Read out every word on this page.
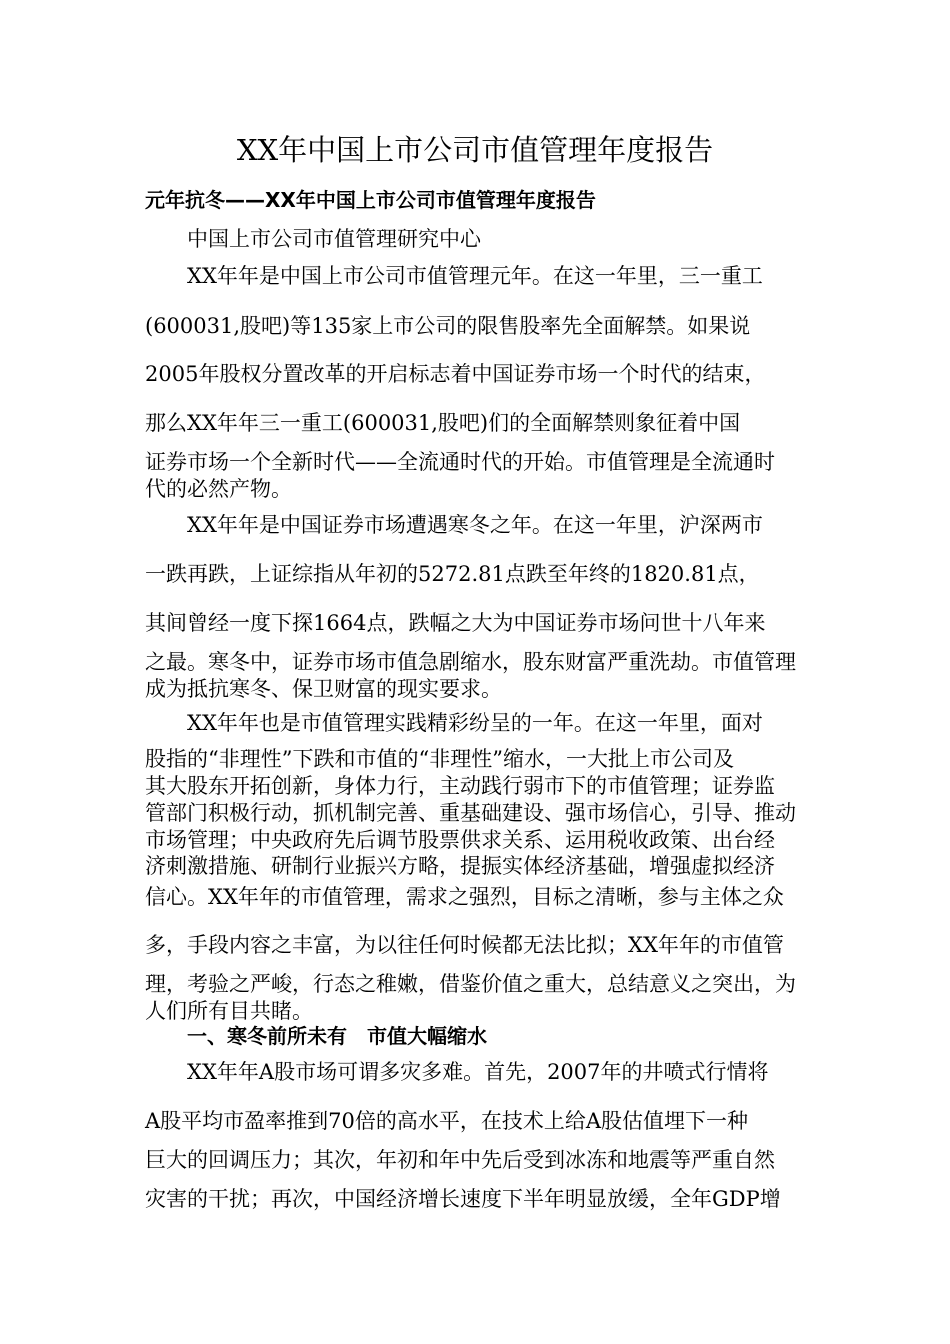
XX年中国上市公司市值管理年度报告
元年抗冬——XX年中国上市公司市值管理年度报告
中国上市公司市值管理研究中心
XX年年是中国上市公司市值管理元年。在这一年里，三一重工
(600031,股吧)等135家上市公司的限售股率先全面解禁。如果说
2005年股权分置改革的开启标志着中国证券市场一个时代的结束，
那么XX年年三一重工(600031,股吧)们的全面解禁则象征着中国
证券市场一个全新时代——全流通时代的开始。市值管理是全流通时
代的必然产物。
XX年年是中国证券市场遭遇寒冬之年。在这一年里，沪深两市
一跌再跌，上证综指从年初的5272.81点跌至年终的1820.81点，
其间曾经一度下探1664点，跌幅之大为中国证券市场问世十八年来
之最。寒冬中，证券市场市值急剧缩水，股东财富严重洗劫。市值管理
成为抵抗寒冬、保卫财富的现实要求。
XX年年也是市值管理实践精彩纷呈的一年。在这一年里，面对
股指的“非理性”下跌和市值的“非理性”缩水，一大批上市公司及
其大股东开拓创新，身体力行，主动践行弱市下的市值管理；证券监
管部门积极行动，抓机制完善、重基础建设、强市场信心，引导、推动
市场管理；中央政府先后调节股票供求关系、运用税收政策、出台经
济刺激措施、研制行业振兴方略，提振实体经济基础，增强虚拟经济
信心。XX年年的市值管理，需求之强烈，目标之清晰，参与主体之众
多，手段内容之丰富，为以往任何时候都无法比拟；XX年年的市值管
理，考验之严峻，行态之稚嫩，借鉴价值之重大，总结意义之突出，为
人们所有目共睹。
一、寒冬前所未有　市值大幅缩水
XX年年A股市场可谓多灾多难。首先，2007年的井喷式行情将
A股平均市盈率推到70倍的高水平，在技术上给A股估值埋下一种
巨大的回调压力；其次，年初和年中先后受到冰冻和地震等严重自然
灾害的干扰；再次，中国经济增长速度下半年明显放缓，全年GDP增
